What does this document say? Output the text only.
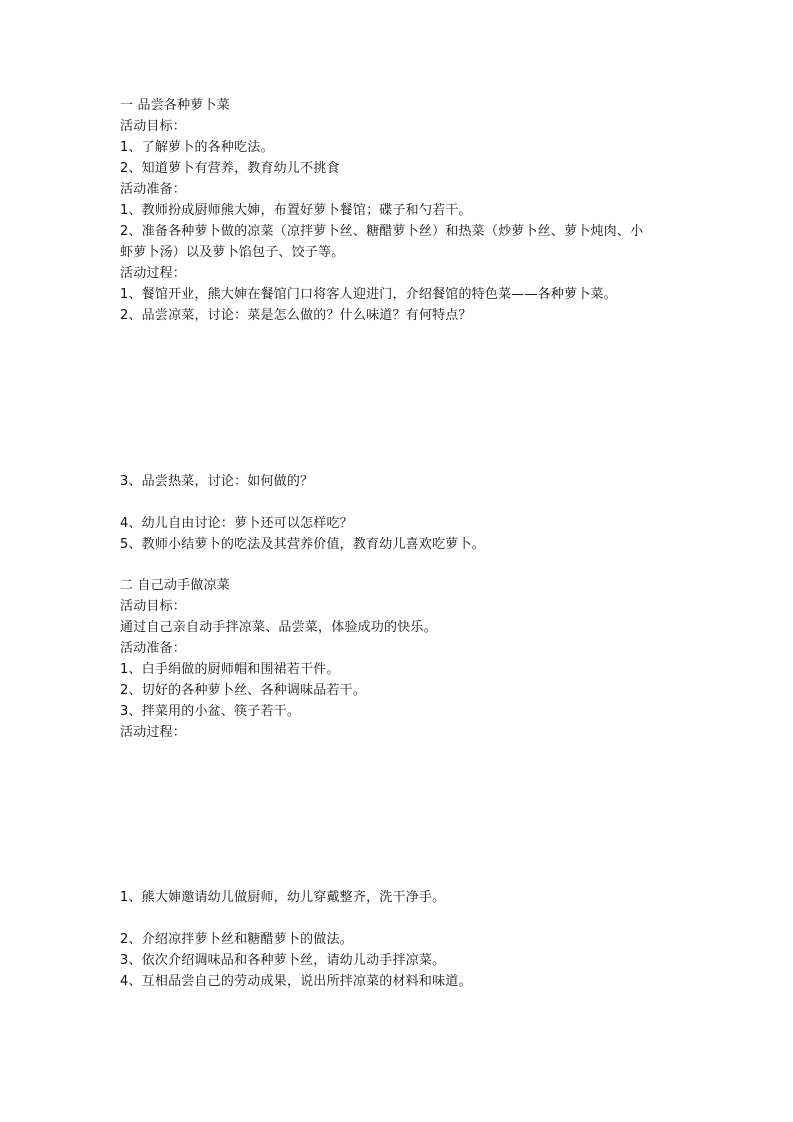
一 品尝各种萝卜菜
活动目标：
1、了解萝卜的各种吃法。
2、知道萝卜有营养，教育幼儿不挑食
活动准备：
1、教师扮成厨师熊大婶，布置好萝卜餐馆；碟子和勺若干。
2、准备各种萝卜做的凉菜（凉拌萝卜丝、糖醋萝卜丝）和热菜（炒萝卜丝、萝卜炖肉、小
虾萝卜汤）以及萝卜馅包子、饺子等。
活动过程：
1、餐馆开业，熊大婶在餐馆门口将客人迎进门，介绍餐馆的特色菜——各种萝卜菜。
2、品尝凉菜，讨论：菜是怎么做的？什么味道？有何特点？
3、品尝热菜，讨论：如何做的？
4、幼儿自由讨论：萝卜还可以怎样吃？
5、教师小结萝卜的吃法及其营养价值，教育幼儿喜欢吃萝卜。
二 自己动手做凉菜
活动目标：
通过自己亲自动手拌凉菜、品尝菜，体验成功的快乐。
活动准备：
1、白手绢做的厨师帽和围裙若干件。
2、切好的各种萝卜丝、各种调味品若干。
3、拌菜用的小盆、筷子若干。
活动过程：
1、熊大婶邀请幼儿做厨师，幼儿穿戴整齐，洗干净手。
2、介绍凉拌萝卜丝和糖醋萝卜的做法。
3、依次介绍调味品和各种萝卜丝，请幼儿动手拌凉菜。
4、互相品尝自己的劳动成果，说出所拌凉菜的材料和味道。
